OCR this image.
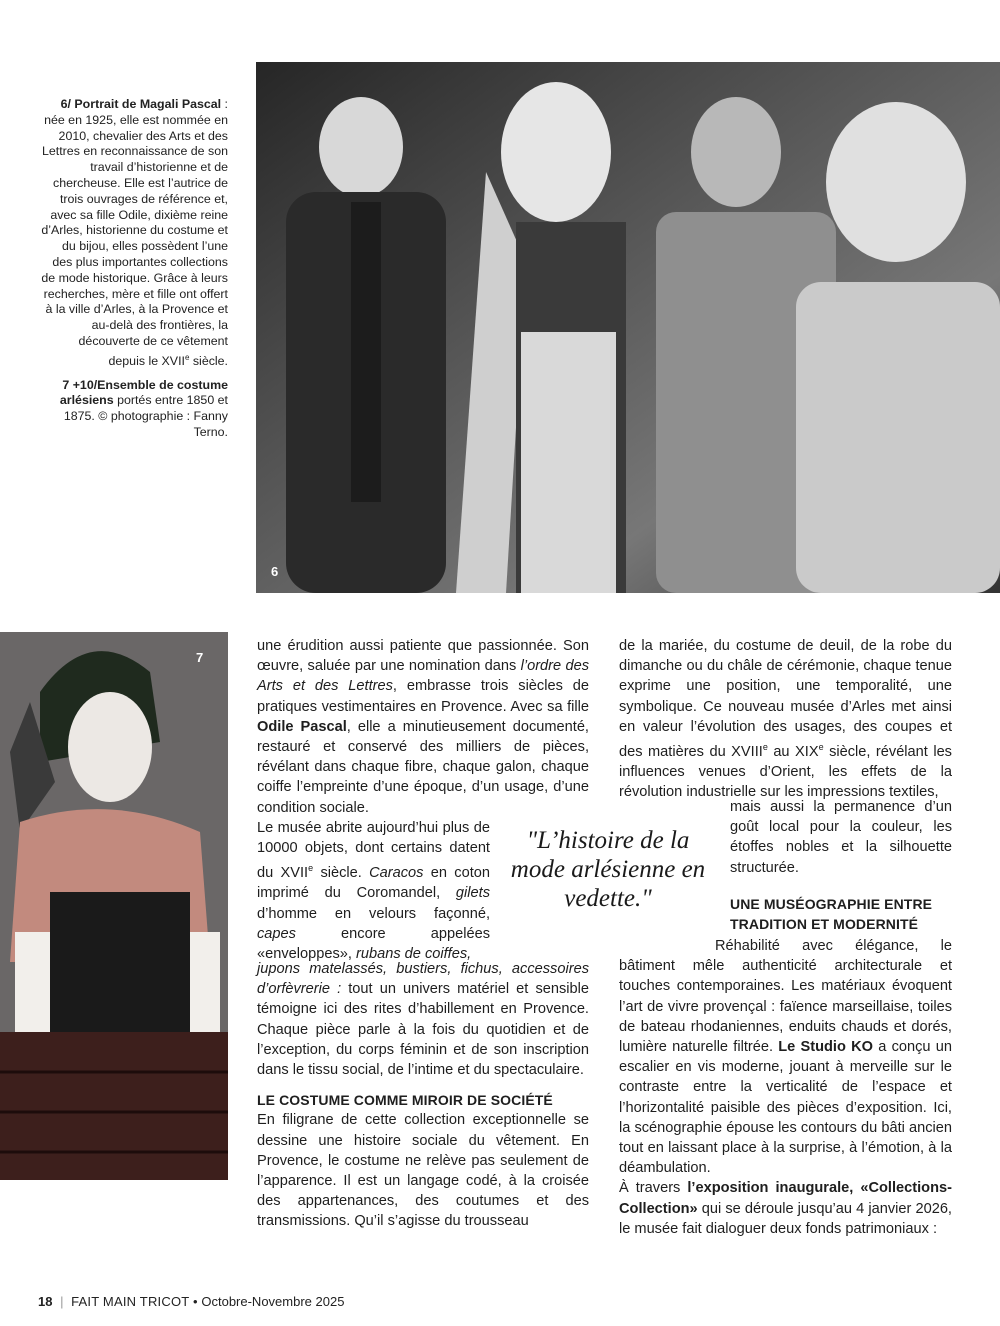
6/ Portrait de Magali Pascal : née en 1925, elle est nommée en 2010, chevalier des Arts et des Lettres en reconnaissance de son travail d’historienne et de chercheuse. Elle est l’autrice de trois ouvrages de référence et, avec sa fille Odile, dixième reine d’Arles, historienne du costume et du bijou, elles possèdent l’une des plus importantes collections de mode historique. Grâce à leurs recherches, mère et fille ont offert à la ville d’Arles, à la Provence et au-delà des frontières, la découverte de ce vêtement depuis le XVIIe siècle.

7 +10/Ensemble de costume arlésiens portés entre 1850 et 1875. © photographie : Fanny Terno.

6
7

une érudition aussi patiente que passionnée. Son œuvre, saluée par une nomination dans l’ordre des Arts et des Lettres, embrasse trois siècles de pratiques vestimentaires en Provence. Avec sa fille Odile Pascal, elle a minutieusement documenté, restauré et conservé des milliers de pièces, révélant dans chaque fibre, chaque galon, chaque coiffe l’empreinte d’une époque, d’un usage, d’une condition sociale.

Le musée abrite aujourd’hui plus de 10000 objets, dont certains datent du XVIIe siècle. Caracos en coton imprimé du Coromandel, gilets d’homme en velours façonné, capes encore appelées «enveloppes», rubans de coiffes,

jupons matelassés, bustiers, fichus, accessoires d’orfèvrerie : tout un univers matériel et sensible témoigne ici des rites d’habillement en Provence. Chaque pièce parle à la fois du quotidien et de l’exception, du corps féminin et de son inscription dans le tissu social, de l’intime et du spectaculaire.

LE COSTUME COMME MIROIR DE SOCIÉTÉ

En filigrane de cette collection exceptionnelle se dessine une histoire sociale du vêtement. En Provence, le costume ne relève pas seulement de l’apparence. Il est un langage codé, à la croisée des appartenances, des coutumes et des transmissions. Qu’il s’agisse du trousseau

de la mariée, du costume de deuil, de la robe du dimanche ou du châle de cérémonie, chaque tenue exprime une position, une temporalité, une symbolique. Ce nouveau musée d’Arles met ainsi en valeur l’évolution des usages, des coupes et des matières du XVIIIe au XIXe siècle, révélant les influences venues d’Orient, les effets de la révolution industrielle sur les impressions textiles,

mais aussi la permanence d’un goût local pour la couleur, les étoffes nobles et la silhouette structurée.

UNE MUSÉOGRAPHIE ENTRE TRADITION ET MODERNITÉ

Réhabilité avec élégance, le bâtiment mêle authenticité architecturale et touches contemporaines. Les matériaux évoquent l’art de vivre provençal : faïence marseillaise, toiles de bateau rhodaniennes, enduits chauds et dorés, lumière naturelle filtrée. Le Studio KO a conçu un escalier en vis moderne, jouant à merveille sur le contraste entre la verticalité de l’espace et l’horizontalité paisible des pièces d’exposition. Ici, la scénographie épouse les contours du bâti ancien tout en laissant place à la surprise, à l’émotion, à la déambulation.

À travers l’exposition inaugurale, «Collections-Collection» qui se déroule jusqu’au 4 janvier 2026, le musée fait dialoguer deux fonds patrimoniaux :

"L’histoire de la mode arlésienne en vedette."
18 | FAIT MAIN TRICOT • Octobre-Novembre 2025
